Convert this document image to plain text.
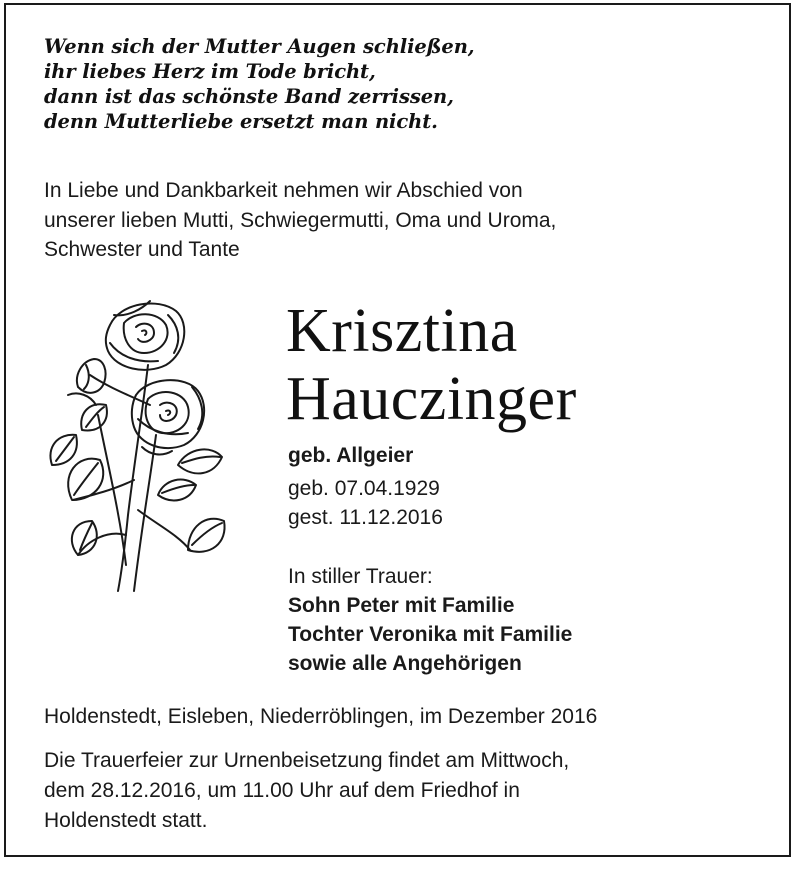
Wenn sich der Mutter Augen schließen,
ihr liebes Herz im Tode bricht,
dann ist das schönste Band zerrissen,
denn Mutterliebe ersetzt man nicht.
In Liebe und Dankbarkeit nehmen wir Abschied von
unserer lieben Mutti, Schwiegermutti, Oma und Uroma,
Schwester und Tante
Krisztina
Hauczinger
geb. Allgeier
geb. 07.04.1929
gest. 11.12.2016
In stiller Trauer:
Sohn Peter mit Familie
Tochter Veronika mit Familie
sowie alle Angehörigen
Holdenstedt, Eisleben, Niederröblingen, im Dezember 2016
Die Trauerfeier zur Urnenbeisetzung findet am Mittwoch,
dem 28.12.2016, um 11.00 Uhr auf dem Friedhof in
Holdenstedt statt.
